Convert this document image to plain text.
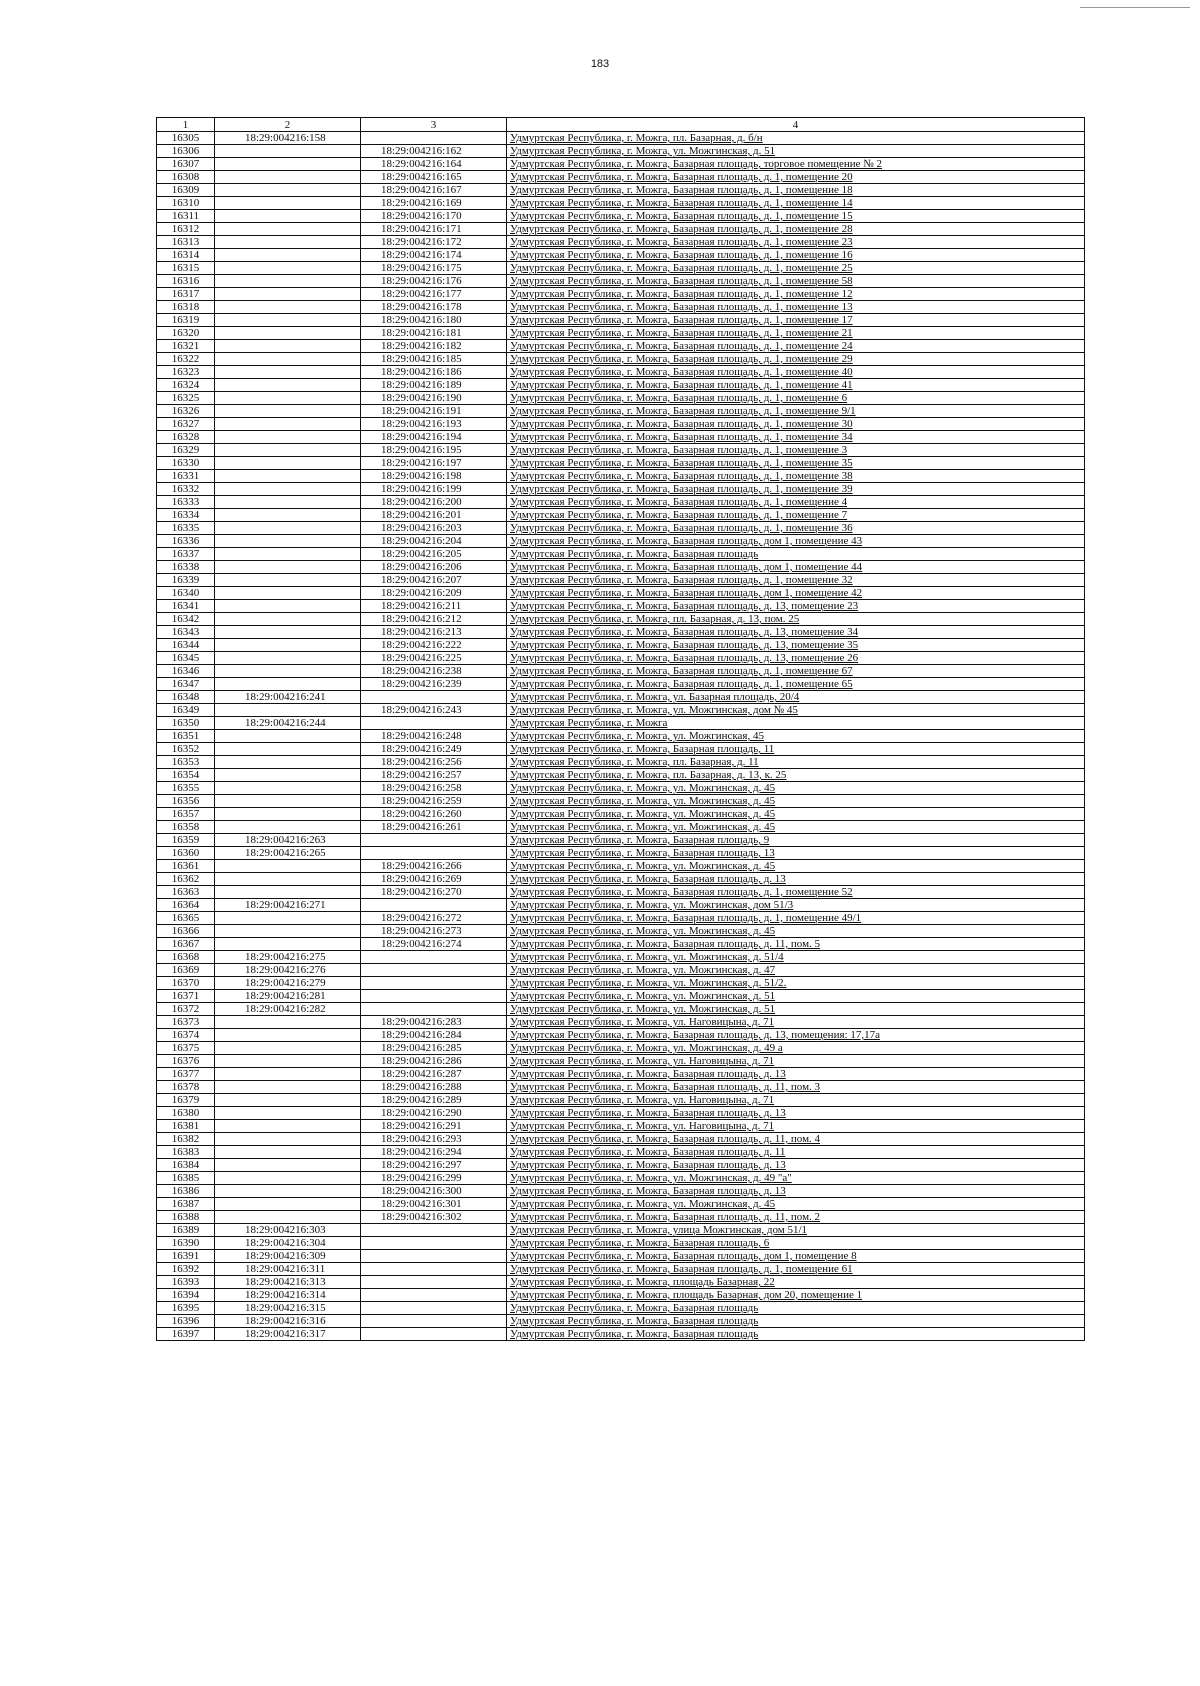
183
1	2	3	4
16305	18:29:004216:158		Удмуртская Республика, г. Можга, пл. Базарная, д. б/н
16306		18:29:004216:162	Удмуртская Республика, г. Можга, ул. Можгинская, д. 51
16307		18:29:004216:164	Удмуртская Республика, г. Можга, Базарная площадь, торговое помещение № 2
16308		18:29:004216:165	Удмуртская Республика, г. Можга, Базарная площадь, д. 1, помещение 20
16309		18:29:004216:167	Удмуртская Республика, г. Можга, Базарная площадь, д. 1, помещение 18
16310		18:29:004216:169	Удмуртская Республика, г. Можга, Базарная площадь, д. 1, помещение 14
16311		18:29:004216:170	Удмуртская Республика, г. Можга, Базарная площадь, д. 1, помещение 15
16312		18:29:004216:171	Удмуртская Республика, г. Можга, Базарная площадь, д. 1, помещение 28
16313		18:29:004216:172	Удмуртская Республика, г. Можга, Базарная площадь, д. 1, помещение 23
16314		18:29:004216:174	Удмуртская Республика, г. Можга, Базарная площадь, д. 1, помещение 16
16315		18:29:004216:175	Удмуртская Республика, г. Можга, Базарная площадь, д. 1, помещение 25
16316		18:29:004216:176	Удмуртская Республика, г. Можга, Базарная площадь, д. 1, помещение 58
16317		18:29:004216:177	Удмуртская Республика, г. Можга, Базарная площадь, д. 1, помещение 12
16318		18:29:004216:178	Удмуртская Республика, г. Можга, Базарная площадь, д. 1, помещение 13
16319		18:29:004216:180	Удмуртская Республика, г. Можга, Базарная площадь, д. 1, помещение 17
16320		18:29:004216:181	Удмуртская Республика, г. Можга, Базарная площадь, д. 1, помещение 21
16321		18:29:004216:182	Удмуртская Республика, г. Можга, Базарная площадь, д. 1, помещение 24
16322		18:29:004216:185	Удмуртская Республика, г. Можга, Базарная площадь, д. 1, помещение 29
16323		18:29:004216:186	Удмуртская Республика, г. Можга, Базарная площадь, д. 1, помещение 40
16324		18:29:004216:189	Удмуртская Республика, г. Можга, Базарная площадь, д. 1, помещение 41
16325		18:29:004216:190	Удмуртская Республика, г. Можга, Базарная площадь, д. 1, помещение 6
16326		18:29:004216:191	Удмуртская Республика, г. Можга, Базарная площадь, д. 1, помещение 9/1
16327		18:29:004216:193	Удмуртская Республика, г. Можга, Базарная площадь, д. 1, помещение 30
16328		18:29:004216:194	Удмуртская Республика, г. Можга, Базарная площадь, д. 1, помещение 34
16329		18:29:004216:195	Удмуртская Республика, г. Можга, Базарная площадь, д. 1, помещение 3
16330		18:29:004216:197	Удмуртская Республика, г. Можга, Базарная площадь, д. 1, помещение 35
16331		18:29:004216:198	Удмуртская Республика, г. Можга, Базарная площадь, д. 1, помещение 38
16332		18:29:004216:199	Удмуртская Республика, г. Можга, Базарная площадь, д. 1, помещение 39
16333		18:29:004216:200	Удмуртская Республика, г. Можга, Базарная площадь, д. 1, помещение 4
16334		18:29:004216:201	Удмуртская Республика, г. Можга, Базарная площадь, д. 1, помещение 7
16335		18:29:004216:203	Удмуртская Республика, г. Можга, Базарная площадь, д. 1, помещение 36
16336		18:29:004216:204	Удмуртская Республика, г. Можга, Базарная площадь, дом 1, помещение 43
16337		18:29:004216:205	Удмуртская Республика, г. Можга, Базарная площадь
16338		18:29:004216:206	Удмуртская Республика, г. Можга, Базарная площадь, дом 1, помещение 44
16339		18:29:004216:207	Удмуртская Республика, г. Можга, Базарная площадь, д. 1, помещение 32
16340		18:29:004216:209	Удмуртская Республика, г. Можга, Базарная площадь, дом 1, помещение 42
16341		18:29:004216:211	Удмуртская Республика, г. Можга, Базарная площадь, д. 13, помещение 23
16342		18:29:004216:212	Удмуртская Республика, г. Можга, пл. Базарная, д. 13, пом. 25
16343		18:29:004216:213	Удмуртская Республика, г. Можга, Базарная площадь, д. 13, помещение 34
16344		18:29:004216:222	Удмуртская Республика, г. Можга, Базарная площадь, д. 13, помещение 35
16345		18:29:004216:225	Удмуртская Республика, г. Можга, Базарная площадь, д. 13, помещение 26
16346		18:29:004216:238	Удмуртская Республика, г. Можга, Базарная площадь, д. 1, помещение 67
16347		18:29:004216:239	Удмуртская Республика, г. Можга, Базарная площадь, д. 1, помещение 65
16348	18:29:004216:241		Удмуртская Республика, г. Можга, ул. Базарная площадь, 20/4
16349		18:29:004216:243	Удмуртская Республика, г. Можга, ул. Можгинская, дом № 45
16350	18:29:004216:244		Удмуртская Республика, г. Можга
16351		18:29:004216:248	Удмуртская Республика, г. Можга, ул. Можгинская, 45
16352		18:29:004216:249	Удмуртская Республика, г. Можга, Базарная площадь, 11
16353		18:29:004216:256	Удмуртская Республика, г. Можга, пл. Базарная, д. 11
16354		18:29:004216:257	Удмуртская Республика, г. Можга, пл. Базарная, д. 13, к. 25
16355		18:29:004216:258	Удмуртская Республика, г. Можга, ул. Можгинская, д. 45
16356		18:29:004216:259	Удмуртская Республика, г. Можга, ул. Можгинская, д. 45
16357		18:29:004216:260	Удмуртская Республика, г. Можга, ул. Можгинская, д. 45
16358		18:29:004216:261	Удмуртская Республика, г. Можга, ул. Можгинская, д. 45
16359	18:29:004216:263		Удмуртская Республика, г. Можга, Базарная площадь, 9
16360	18:29:004216:265		Удмуртская Республика, г. Можга, Базарная площадь, 13
16361		18:29:004216:266	Удмуртская Республика, г. Можга, ул. Можгинская, д. 45
16362		18:29:004216:269	Удмуртская Республика, г. Можга, Базарная площадь, д. 13
16363		18:29:004216:270	Удмуртская Республика, г. Можга, Базарная площадь, д. 1, помещение 52
16364	18:29:004216:271		Удмуртская Республика, г. Можга, ул. Можгинская, дом 51/3
16365		18:29:004216:272	Удмуртская Республика, г. Можга, Базарная площадь, д. 1, помещение 49/1
16366		18:29:004216:273	Удмуртская Республика, г. Можга, ул. Можгинская, д. 45
16367		18:29:004216:274	Удмуртская Республика, г. Можга, Базарная площадь, д. 11, пом. 5
16368	18:29:004216:275		Удмуртская Республика, г. Можга, ул. Можгинская, д. 51/4
16369	18:29:004216:276		Удмуртская Республика, г. Можга, ул. Можгинская, д. 47
16370	18:29:004216:279		Удмуртская Республика, г. Можга, ул. Можгинская, д. 51/2.
16371	18:29:004216:281		Удмуртская Республика, г. Можга, ул. Можгинская, д. 51
16372	18:29:004216:282		Удмуртская Республика, г. Можга, ул. Можгинская, д. 51
16373		18:29:004216:283	Удмуртская Республика, г. Можга, ул. Наговицына, д. 71
16374		18:29:004216:284	Удмуртская Республика, г. Можга, Базарная площадь, д. 13, помещения: 17,17а
16375		18:29:004216:285	Удмуртская Республика, г. Можга, ул. Можгинская, д. 49 а
16376		18:29:004216:286	Удмуртская Республика, г. Можга, ул. Наговицына, д. 71
16377		18:29:004216:287	Удмуртская Республика, г. Можга, Базарная площадь, д. 13
16378		18:29:004216:288	Удмуртская Республика, г. Можга, Базарная площадь, д. 11, пом. 3
16379		18:29:004216:289	Удмуртская Республика, г. Можга, ул. Наговицына, д. 71
16380		18:29:004216:290	Удмуртская Республика, г. Можга, Базарная площадь, д. 13
16381		18:29:004216:291	Удмуртская Республика, г. Можга, ул. Наговицына, д. 71
16382		18:29:004216:293	Удмуртская Республика, г. Можга, Базарная площадь, д. 11, пом. 4
16383		18:29:004216:294	Удмуртская Республика, г. Можга, Базарная площадь, д. 11
16384		18:29:004216:297	Удмуртская Республика, г. Можга, Базарная площадь, д. 13
16385		18:29:004216:299	Удмуртская Республика, г. Можга, ул. Можгинская, д. 49 "а"
16386		18:29:004216:300	Удмуртская Республика, г. Можга, Базарная площадь, д. 13
16387		18:29:004216:301	Удмуртская Республика, г. Можга, ул. Можгинская, д. 45
16388		18:29:004216:302	Удмуртская Республика, г. Можга, Базарная площадь, д. 11, пом. 2
16389	18:29:004216:303		Удмуртская Республика, г. Можга, улица Можгинская, дом 51/1
16390	18:29:004216:304		Удмуртская Республика, г. Можга, Базарная площадь, 6
16391	18:29:004216:309		Удмуртская Республика, г. Можга, Базарная площадь, дом 1, помещение 8
16392	18:29:004216:311		Удмуртская Республика, г. Можга, Базарная площадь, д. 1, помещение 61
16393	18:29:004216:313		Удмуртская Республика, г. Можга, площадь Базарная, 22
16394	18:29:004216:314		Удмуртская Республика, г. Можга, площадь Базарная, дом 20, помещение 1
16395	18:29:004216:315		Удмуртская Республика, г. Можга, Базарная площадь
16396	18:29:004216:316		Удмуртская Республика, г. Можга, Базарная площадь
16397	18:29:004216:317		Удмуртская Республика, г. Можга, Базарная площадь
